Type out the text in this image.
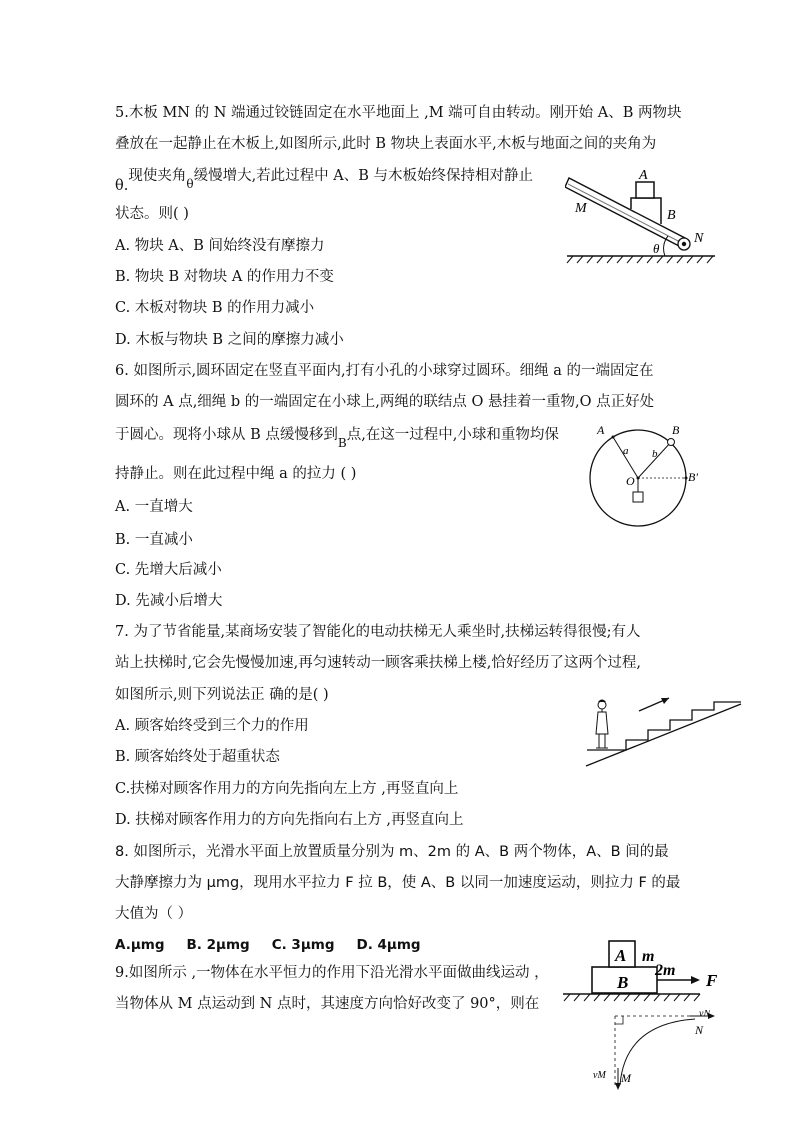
5.木板 MN 的 N 端通过铰链固定在水平地面上 ,M 端可自由转动。刚开始 A、B 两物块
叠放在一起静止在木板上,如图所示,此时 B 物块上表面水平,木板与地面之间的夹角为
θ.现使夹角$_\theta$缓慢增大,若此过程中 A、B 与木板始终保持相对静止
状态。则( )
A. 物块 A、B 间始终没有摩擦力
B. 物块 B 对物块 A 的作用力不变
C. 木板对物块 B 的作用力减小
D. 木板与物块 B 之间的摩擦力减小
A
B
M
N
θ
6. 如图所示,圆环固定在竖直平面内,打有小孔的小球穿过圆环。细绳 a 的一端固定在
圆环的 A 点,细绳 b 的一端固定在小球上,两绳的联结点 O 悬挂着一重物,O 点正好处
于圆心。现将小球从 B 点缓慢移到$_B$点,在这一过程中,小球和重物均保
持静止。则在此过程中绳 a 的拉力 ( )
A. 一直增大
B. 一直减小
C. 先增大后减小
D. 先减小后增大
A	B
B′
a b
O
7. 为了节省能量,某商场安装了智能化的电动扶梯无人乘坐时,扶梯运转得很慢;有人
站上扶梯时,它会先慢慢加速,再匀速转动一顾客乘扶梯上楼,恰好经历了这两个过程,
如图所示,则下列说法正 确的是( )
A. 顾客始终受到三个力的作用
B. 顾客始终处于超重状态
C.扶梯对顾客作用力的方向先指向左上方 ,再竖直向上
D. 扶梯对顾客作用力的方向先指向右上方 ,再竖直向上
8. 如图所示，光滑水平面上放置质量分别为 m、2m 的 A、B 两个物体，A、B 间的最
大静摩擦力为 μmg，现用水平拉力 F 拉 B，使 A、B 以同一加速度运动，则拉力 F 的最
大值为（ ）
A.μmg B. 2μmg C. 3μmg D. 4μmg
A
B
m
2m
F
9.如图所示 ,一物体在水平恒力的作用下沿光滑水平面做曲线运动 ，
当物体从 M 点运动到 N 点时，其速度方向恰好改变了 90°，则在
vN
N
vM M
